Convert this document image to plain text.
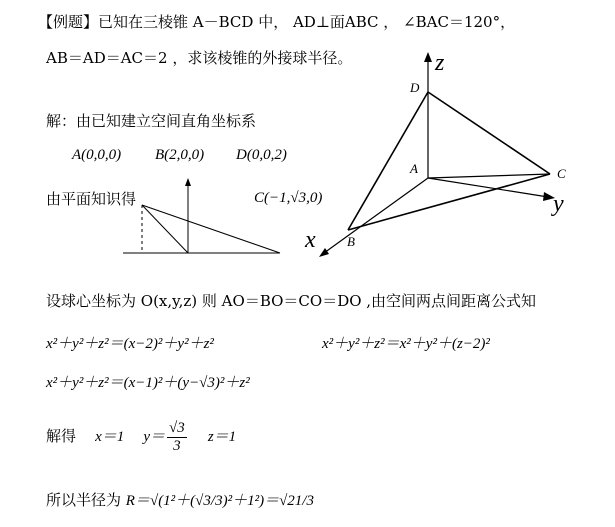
【例题】已知在三棱锥 A－BCD 中， AD⊥面ABC ， ∠BAC＝120°，
AB＝AD＝AC＝2 ，求该棱锥的外接球半径。
解：由已知建立空间直角坐标系
A(0,0,0) B(2,0,0) D(0,0,2)
由平面知识得	C(−1,√3,0)
z
y
x
D
A	C
B
设球心坐标为 O(x,y,z) 则 AO＝BO＝CO＝DO ,由空间两点间距离公式知
x²＋y²＋z²＝(x−2)²＋y²＋z²	x²＋y²＋z²＝x²＋y²＋(z−2)²
x²＋y²＋z²＝(x−1)²＋(y−√3)²＋z²
解得 x＝1 $y= \frac{√3}{3} z=1$
所以半径为 R＝√(1²＋(√3/3)²＋1²)＝√21/3
